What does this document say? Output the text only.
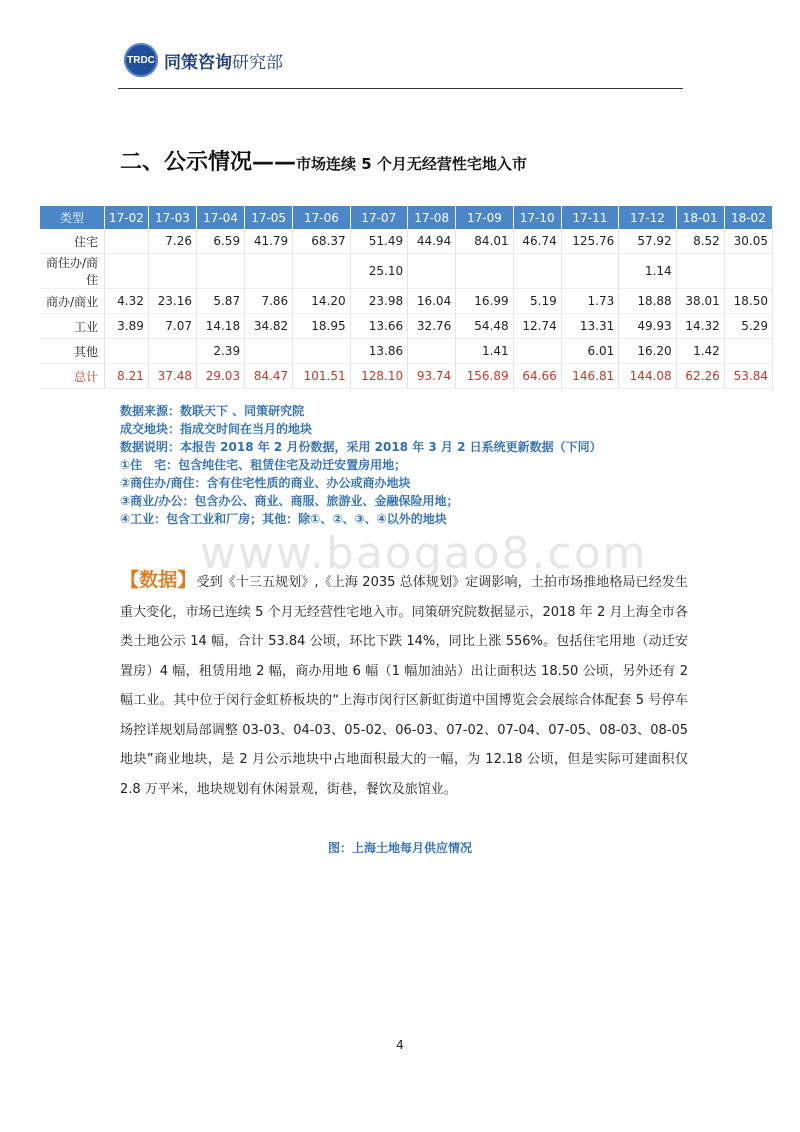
TRDC 同策咨询研究部
二、公示情况——市场连续 5 个月无经营性宅地入市
类型	17-02	17-03	17-04	17-05	17-06	17-07	17-08	17-09	17-10	17-11	17-12	18-01	18-02
住宅		7.26	6.59	41.79	68.37	51.49	44.94	84.01	46.74	125.76	57.92	8.52	30.05
商住办/商住						25.10					1.14		
商办/商业	4.32	23.16	5.87	7.86	14.20	23.98	16.04	16.99	5.19	1.73	18.88	38.01	18.50
工业	3.89	7.07	14.18	34.82	18.95	13.66	32.76	54.48	12.74	13.31	49.93	14.32	5.29
其他			2.39			13.86		1.41		6.01	16.20	1.42	
总计	8.21	37.48	29.03	84.47	101.51	128.10	93.74	156.89	64.66	146.81	144.08	62.26	53.84
数据来源：数联天下 、同策研究院
成交地块：指成交时间在当月的地块
数据说明：本报告 2018 年 2 月份数据，采用 2018 年 3 月 2 日系统更新数据（下同）
①住　宅：包含纯住宅、租赁住宅及动迁安置房用地；
②商住办/商住：含有住宅性质的商业、办公或商办地块
③商业/办公：包含办公、商业、商服、旅游业、金融保险用地；
④工业：包含工业和厂房；其他：除①、②、③、④以外的地块
www.baogao8.com
【数据】受到《十三五规划》,《上海 2035 总体规划》定调影响，土拍市场推地格局已经发生重大变化，市场已连续 5 个月无经营性宅地入市。同策研究院数据显示，2018 年 2 月上海全市各类土地公示 14 幅，合计 53.84 公顷，环比下跌 14%，同比上涨 556%。包括住宅用地（动迁安置房）4 幅，租赁用地 2 幅，商办用地 6 幅（1 幅加油站）出让面积达 18.50 公顷，另外还有 2 幅工业。其中位于闵行金虹桥板块的“上海市闵行区新虹街道中国博览会会展综合体配套 5 号停车场控详规划局部调整 03-03、04-03、05-02、06-03、07-02、07-04、07-05、08-03、08-05 地块”商业地块，是 2 月公示地块中占地面积最大的一幅，为 12.18 公顷，但是实际可建面积仅 2.8 万平米，地块规划有休闲景观，街巷，餐饮及旅馆业。
图：上海土地每月供应情况
4
